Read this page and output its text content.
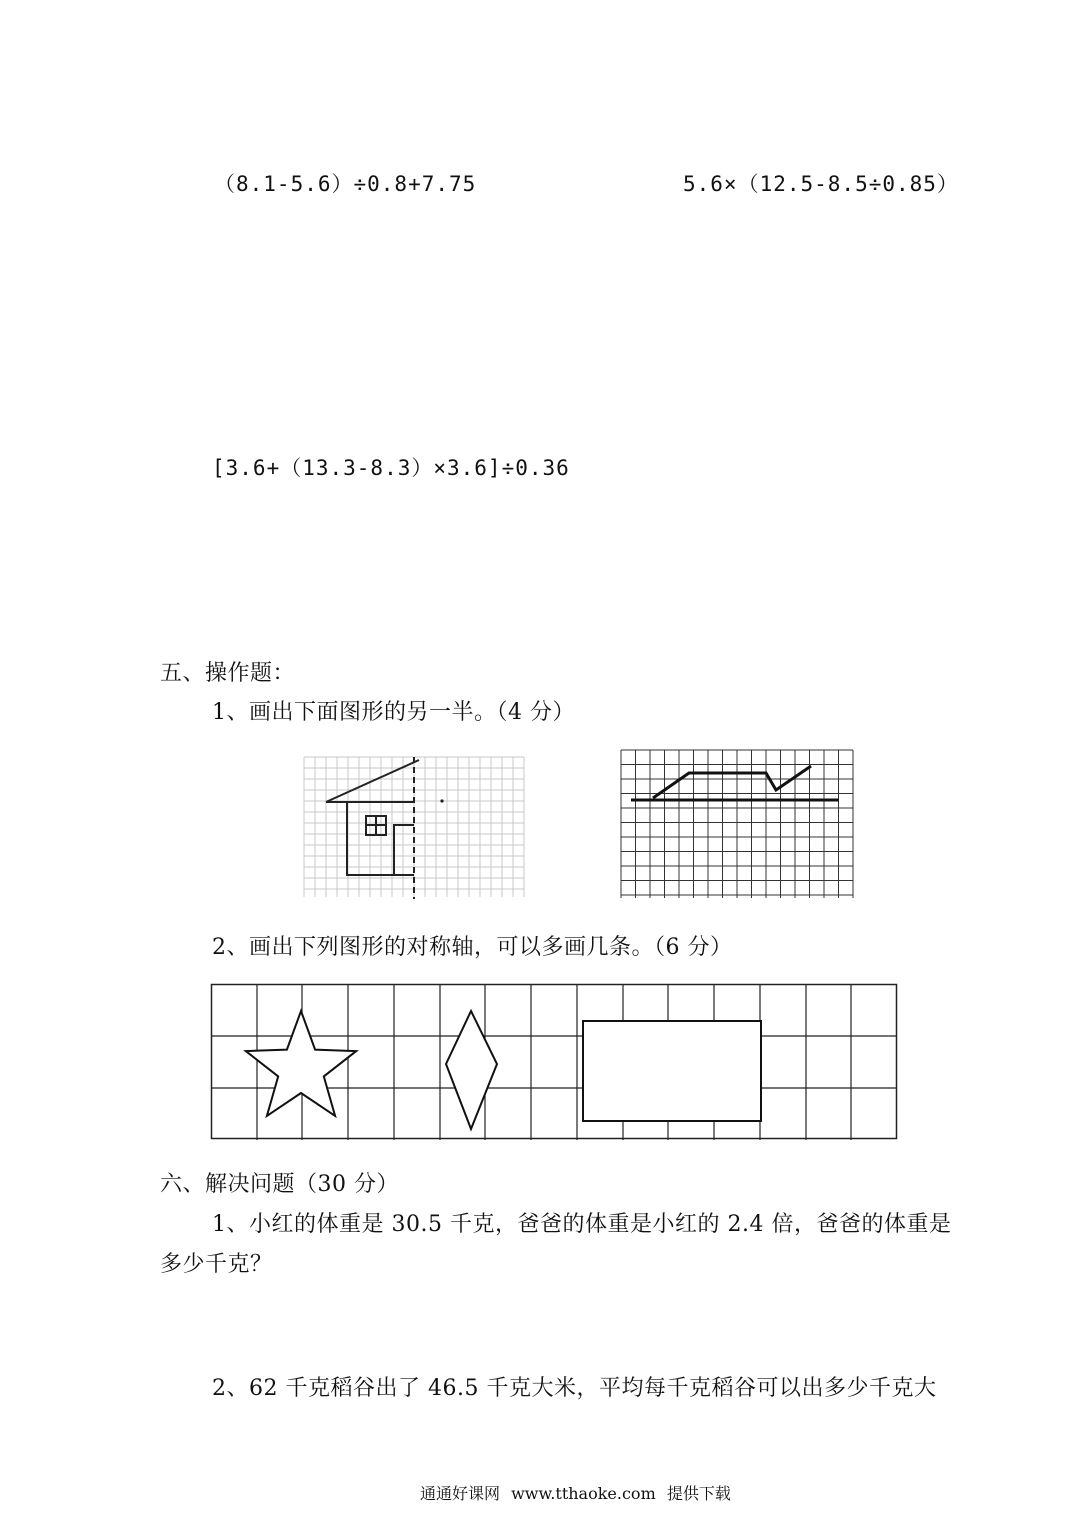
（8.1-5.6）÷0.8+7.75	5.6×（12.5-8.5÷0.85）
[3.6+（13.3-8.3）×3.6]÷0.36
五、操作题：
1、画出下面图形的另一半。（4 分）
2、画出下列图形的对称轴，可以多画几条。（6 分）
六、解决问题（30 分）
1、小红的体重是 30.5 千克，爸爸的体重是小红的 2.4 倍，爸爸的体重是
多少千克？
2、62 千克稻谷出了 46.5 千克大米，平均每千克稻谷可以出多少千克大
通通好课网 www.tthaoke.com 提供下载
